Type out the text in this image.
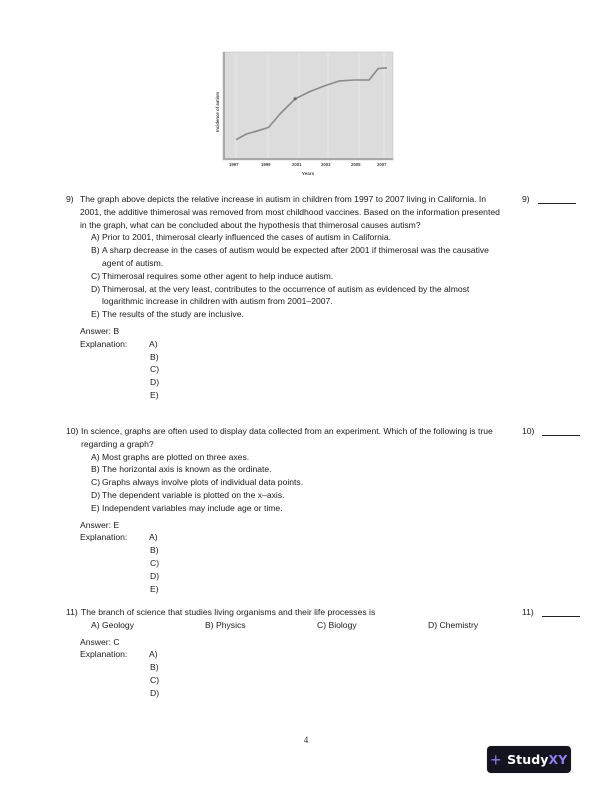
Incidence of autism
1997	1999	2001	2003	2005	2007
Years
9) The graph above depicts the relative increase in autism in children from 1997 to 2007 living in California. In 2001, the additive thimerosal was removed from most childhood vaccines. Based on the information presented in the graph, what can be concluded about the hypothesis that thimerosal causes autism?
A) Prior to 2001, thimerosal clearly influenced the cases of autism in California.
B) A sharp decrease in the cases of autism would be expected after 2001 if thimerosal was the causative agent of autism.
C) Thimerosal requires some other agent to help induce autism.
D) Thimerosal, at the very least, contributes to the occurrence of autism as evidenced by the almost logarithmic increase in children with autism from 2001–2007.
E) The results of the study are inclusive.
Answer: B
Explanation:	A)
B)
C)
D)
E)
9)
10) In science, graphs are often used to display data collected from an experiment. Which of the following is true regarding a graph?
A) Most graphs are plotted on three axes.
B) The horizontal axis is known as the ordinate.
C) Graphs always involve plots of individual data points.
D) The dependent variable is plotted on the x–axis.
E) Independent variables may include age or time.
Answer: E
Explanation:	A)
B)
C)
D)
E)
10)
11) The branch of science that studies living organisms and their life processes is
A) Geology	B) Physics	C) Biology	D) Chemistry
Answer: C
Explanation:	A)
B)
C)
D)
11)
4
+ StudyXY
